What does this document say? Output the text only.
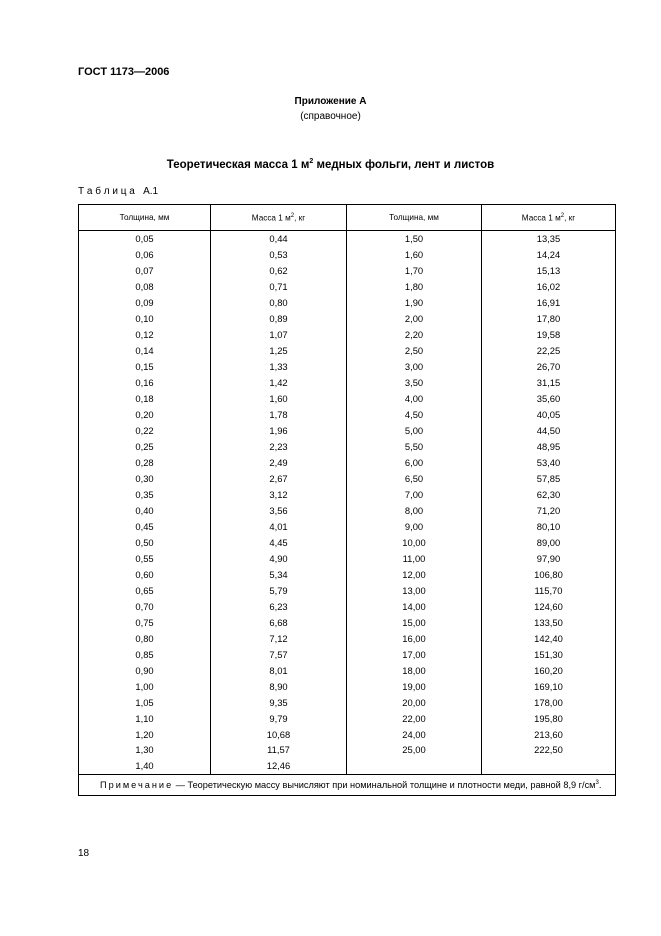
ГОСТ 1173—2006
Приложение А
(справочное)
Теоретическая масса 1 $м^2$ медных фольги, лент и листов
Т а б л и ц а   А.1
Толщина, мм	Масса 1 $м^2$, кг	Толщина, мм	Масса 1 $м^2$, кг
0,05	0,44	1,50	13,35
0,06	0,53	1,60	14,24
0,07	0,62	1,70	15,13
0,08	0,71	1,80	16,02
0,09	0,80	1,90	16,91
0,10	0,89	2,00	17,80
0,12	1,07	2,20	19,58
0,14	1,25	2,50	22,25
0,15	1,33	3,00	26,70
0,16	1,42	3,50	31,15
0,18	1,60	4,00	35,60
0,20	1,78	4,50	40,05
0,22	1,96	5,00	44,50
0,25	2,23	5,50	48,95
0,28	2,49	6,00	53,40
0,30	2,67	6,50	57,85
0,35	3,12	7,00	62,30
0,40	3,56	8,00	71,20
0,45	4,01	9,00	80,10
0,50	4,45	10,00	89,00
0,55	4,90	11,00	97,90
0,60	5,34	12,00	106,80
0,65	5,79	13,00	115,70
0,70	6,23	14,00	124,60
0,75	6,68	15,00	133,50
0,80	7,12	16,00	142,40
0,85	7,57	17,00	151,30
0,90	8,01	18,00	160,20
1,00	8,90	19,00	169,10
1,05	9,35	20,00	178,00
1,10	9,79	22,00	195,80
1,20	10,68	24,00	213,60
1,30	11,57	25,00	222,50
1,40	12,46		
Примечание — Теоретическую массу вычисляют при номинальной толщине и плотности меди, равной 8,9 $г/см^3$.			
18
